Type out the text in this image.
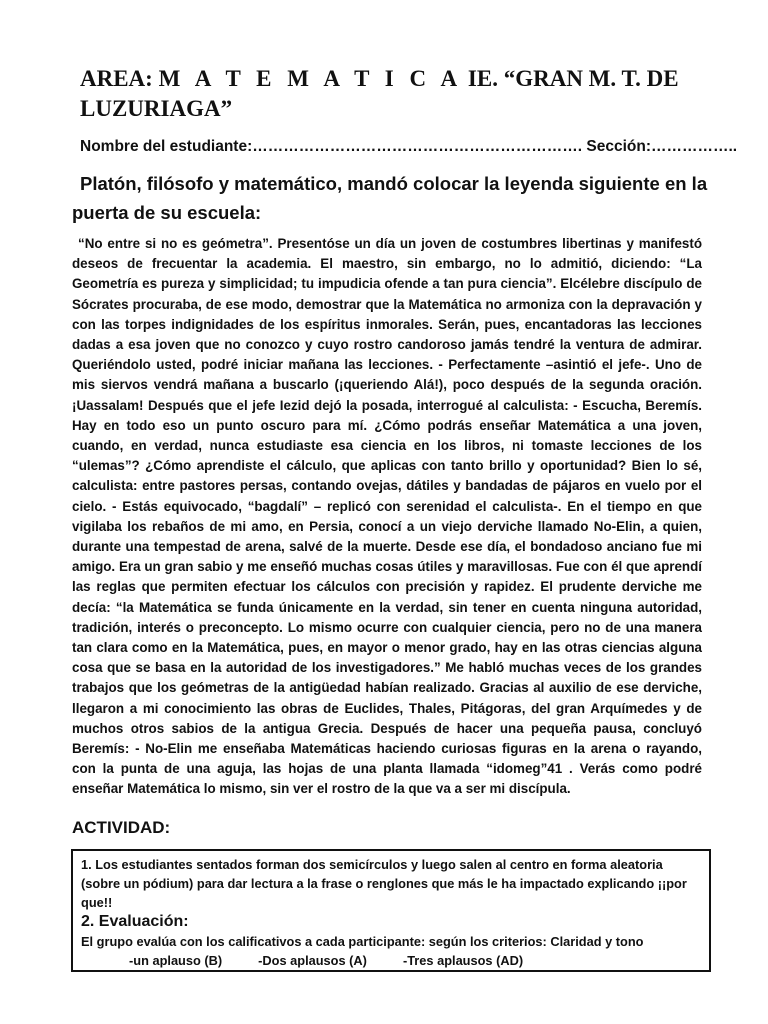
AREA: M A T E M A T I C A IE. “GRAN M. T. DE LUZURIAGA”
Nombre del estudiante:………………………………………………………. Sección:……………..

Platón, filósofo y matemático, mandó colocar la leyenda siguiente en la puerta de su escuela:

“No entre si no es geómetra”. Presentóse un día un joven de costumbres libertinas y manifestó deseos de frecuentar la academia. El maestro, sin embargo, no lo admitió, diciendo: “La Geometría es pureza y simplicidad; tu impudicia ofende a tan pura ciencia”. Elcélebre discípulo de Sócrates procuraba, de ese modo, demostrar que la Matemática no armoniza con la depravación y con las torpes indignidades de los espíritus inmorales. Serán, pues, encantadoras las lecciones dadas a esa joven que no conozco y cuyo rostro candoroso jamás tendré la ventura de admirar. Queriéndolo usted, podré iniciar mañana las lecciones. - Perfectamente –asintió el jefe-. Uno de mis siervos vendrá mañana a buscarlo (¡queriendo Alá!), poco después de la segunda oración. ¡Uassalam! Después que el jefe Iezid dejó la posada, interrogué al calculista: - Escucha, Beremís. Hay en todo eso un punto oscuro para mí. ¿Cómo podrás enseñar Matemática a una joven, cuando, en verdad, nunca estudiaste esa ciencia en los libros, ni tomaste lecciones de los “ulemas”? ¿Cómo aprendiste el cálculo, que aplicas con tanto brillo y oportunidad? Bien lo sé, calculista: entre pastores persas, contando ovejas, dátiles y bandadas de pájaros en vuelo por el cielo. - Estás equivocado, “bagdalí” – replicó con serenidad el calculista-. En el tiempo en que vigilaba los rebaños de mi amo, en Persia, conocí a un viejo derviche llamado No-Elin, a quien, durante una tempestad de arena, salvé de la muerte. Desde ese día, el bondadoso anciano fue mi amigo. Era un gran sabio y me enseñó muchas cosas útiles y maravillosas. Fue con él que aprendí las reglas que permiten efectuar los cálculos con precisión y rapidez. El prudente derviche me decía: “la Matemática se funda únicamente en la verdad, sin tener en cuenta ninguna autoridad, tradición, interés o preconcepto. Lo mismo ocurre con cualquier ciencia, pero no de una manera tan clara como en la Matemática, pues, en mayor o menor grado, hay en las otras ciencias alguna cosa que se basa en la autoridad de los investigadores.” Me habló muchas veces de los grandes trabajos que los geómetras de la antigüedad habían realizado. Gracias al auxilio de ese derviche, llegaron a mi conocimiento las obras de Euclides, Thales, Pitágoras, del gran Arquímedes y de muchos otros sabios de la antigua Grecia. Después de hacer una pequeña pausa, concluyó Beremís: - No-Elin me enseñaba Matemáticas haciendo curiosas figuras en la arena o rayando, con la punta de una aguja, las hojas de una planta llamada “idomeg”41 . Verás como podré enseñar Matemática lo mismo, sin ver el rostro de la que va a ser mi discípula.

ACTIVIDAD:

1. Los estudiantes sentados forman dos semicírculos y luego salen al centro en forma aleatoria (sobre un pódium) para dar lectura a la frase o renglones que más le ha impactado explicando ¡¡por que!!

2. Evaluación:

El grupo evalúa con los calificativos a cada participante: según los criterios: Claridad y tono

-un aplauso (B)	-Dos aplausos (A)	-Tres aplausos (AD)
